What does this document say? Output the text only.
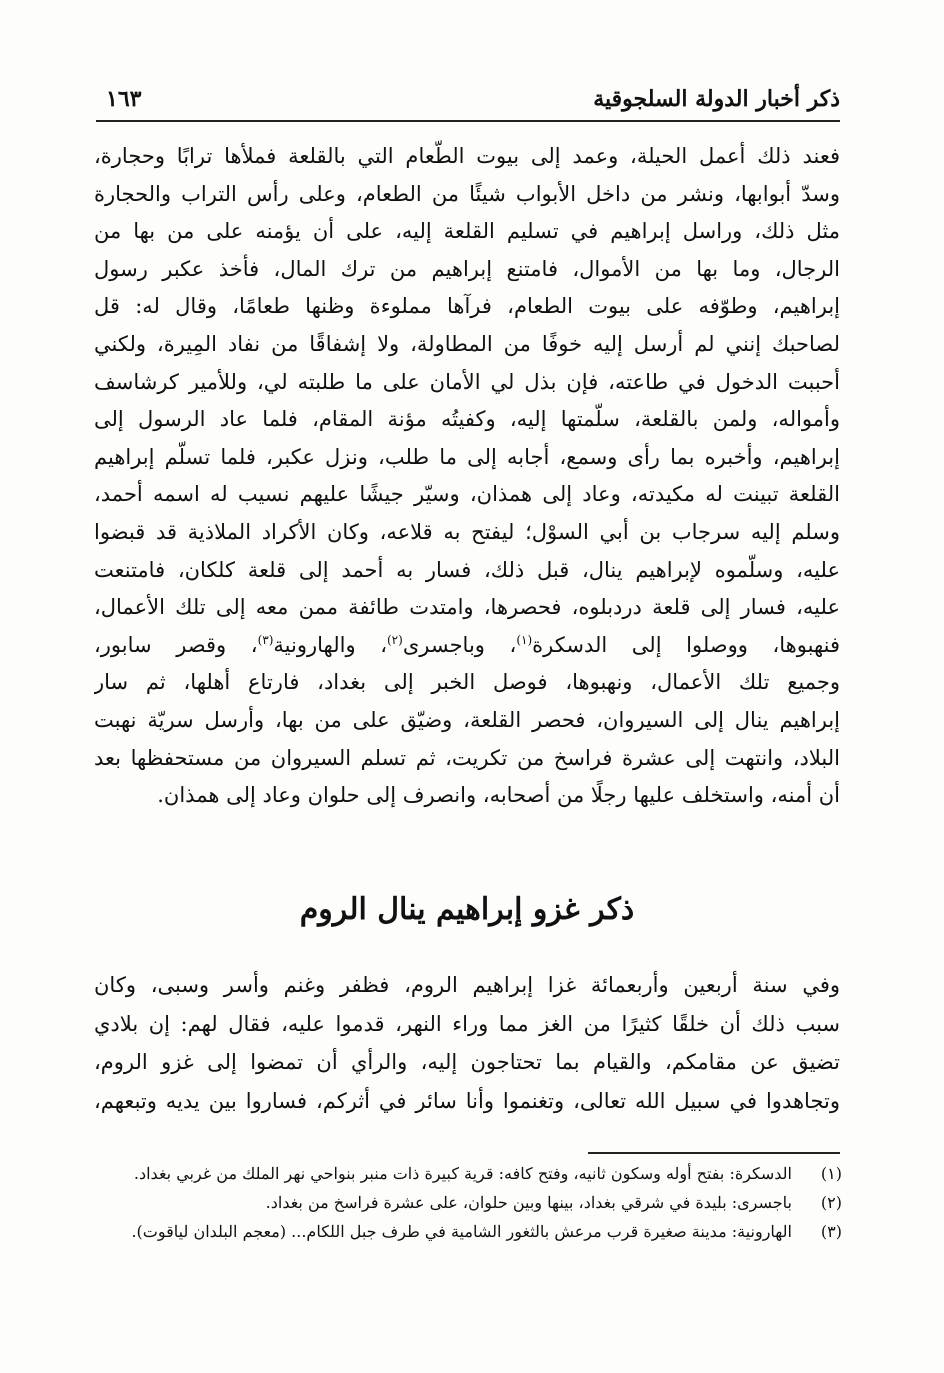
ذكر أخبار الدولة السلجوقية
١٦٣
فعند ذلك أعمل الحيلة، وعمد إلى بيوت الطّعام التي بالقلعة فملأها ترابًا وحجارة،
وسدّ أبوابها، ونشر من داخل الأبواب شيئًا من الطعام، وعلى رأس التراب والحجارة
مثل ذلك، وراسل إبراهيم في تسليم القلعة إليه، على أن يؤمنه على من بها من
الرجال، وما بها من الأموال، فامتنع إبراهيم من ترك المال، فأخذ عكبر رسول
إبراهيم، وطوّفه على بيوت الطعام، فرآها مملوءة وظنها طعامًا، وقال له: قل
لصاحبك إنني لم أرسل إليه خوفًا من المطاولة، ولا إشفاقًا من نفاد المِيرة، ولكني
أحببت الدخول في طاعته، فإن بذل لي الأمان على ما طلبته لي، وللأمير كرشاسف
وأمواله، ولمن بالقلعة، سلّمتها إليه، وكفيتُه مؤنة المقام، فلما عاد الرسول إلى
إبراهيم، وأخبره بما رأى وسمع، أجابه إلى ما طلب، ونزل عكبر، فلما تسلّم إبراهيم
القلعة تبينت له مكيدته، وعاد إلى همذان، وسيّر جيشًا عليهم نسيب له اسمه أحمد،
وسلم إليه سرجاب بن أبي السوْل؛ ليفتح به قلاعه، وكان الأكراد الملاذية قد قبضوا
عليه، وسلّموه لإبراهيم ينال، قبل ذلك، فسار به أحمد إلى قلعة كلكان، فامتنعت
عليه، فسار إلى قلعة دردبلوه، فحصرها، وامتدت طائفة ممن معه إلى تلك الأعمال،
فنهبوها، ووصلوا إلى الدسكرة$^{(١)}$، وباجسرى$^{(٢)}$، والهارونية$^{(٣)}$، وقصر سابور،
وجميع تلك الأعمال، ونهبوها، فوصل الخبر إلى بغداد، فارتاع أهلها، ثم سار
إبراهيم ينال إلى السيروان، فحصر القلعة، وضيّق على من بها، وأرسل سريّة نهبت
البلاد، وانتهت إلى عشرة فراسخ من تكريت، ثم تسلم السيروان من مستحفظها بعد
أن أمنه، واستخلف عليها رجلًا من أصحابه، وانصرف إلى حلوان وعاد إلى همذان.
ذكر غزو إبراهيم ينال الروم
وفي سنة أربعين وأربعمائة غزا إبراهيم الروم، فظفر وغنم وأسر وسبى، وكان
سبب ذلك أن خلقًا كثيرًا من الغز مما وراء النهر، قدموا عليه، فقال لهم: إن بلادي
تضيق عن مقامكم، والقيام بما تحتاجون إليه، والرأي أن تمضوا إلى غزو الروم،
وتجاهدوا في سبيل الله تعالى، وتغنموا وأنا سائر في أثركم، فساروا بين يديه وتبعهم،
(١)
الدسكرة: بفتح أوله وسكون ثانيه، وفتح كافه: قرية كبيرة ذات منبر بنواحي نهر الملك من غربي بغداد.
(٢)
باجسرى: بليدة في شرقي بغداد، بينها وبين حلوان، على عشرة فراسخ من بغداد.
(٣)
الهارونية: مدينة صغيرة قرب مرعش بالثغور الشامية في طرف جبل اللكام... (معجم البلدان لياقوت).
